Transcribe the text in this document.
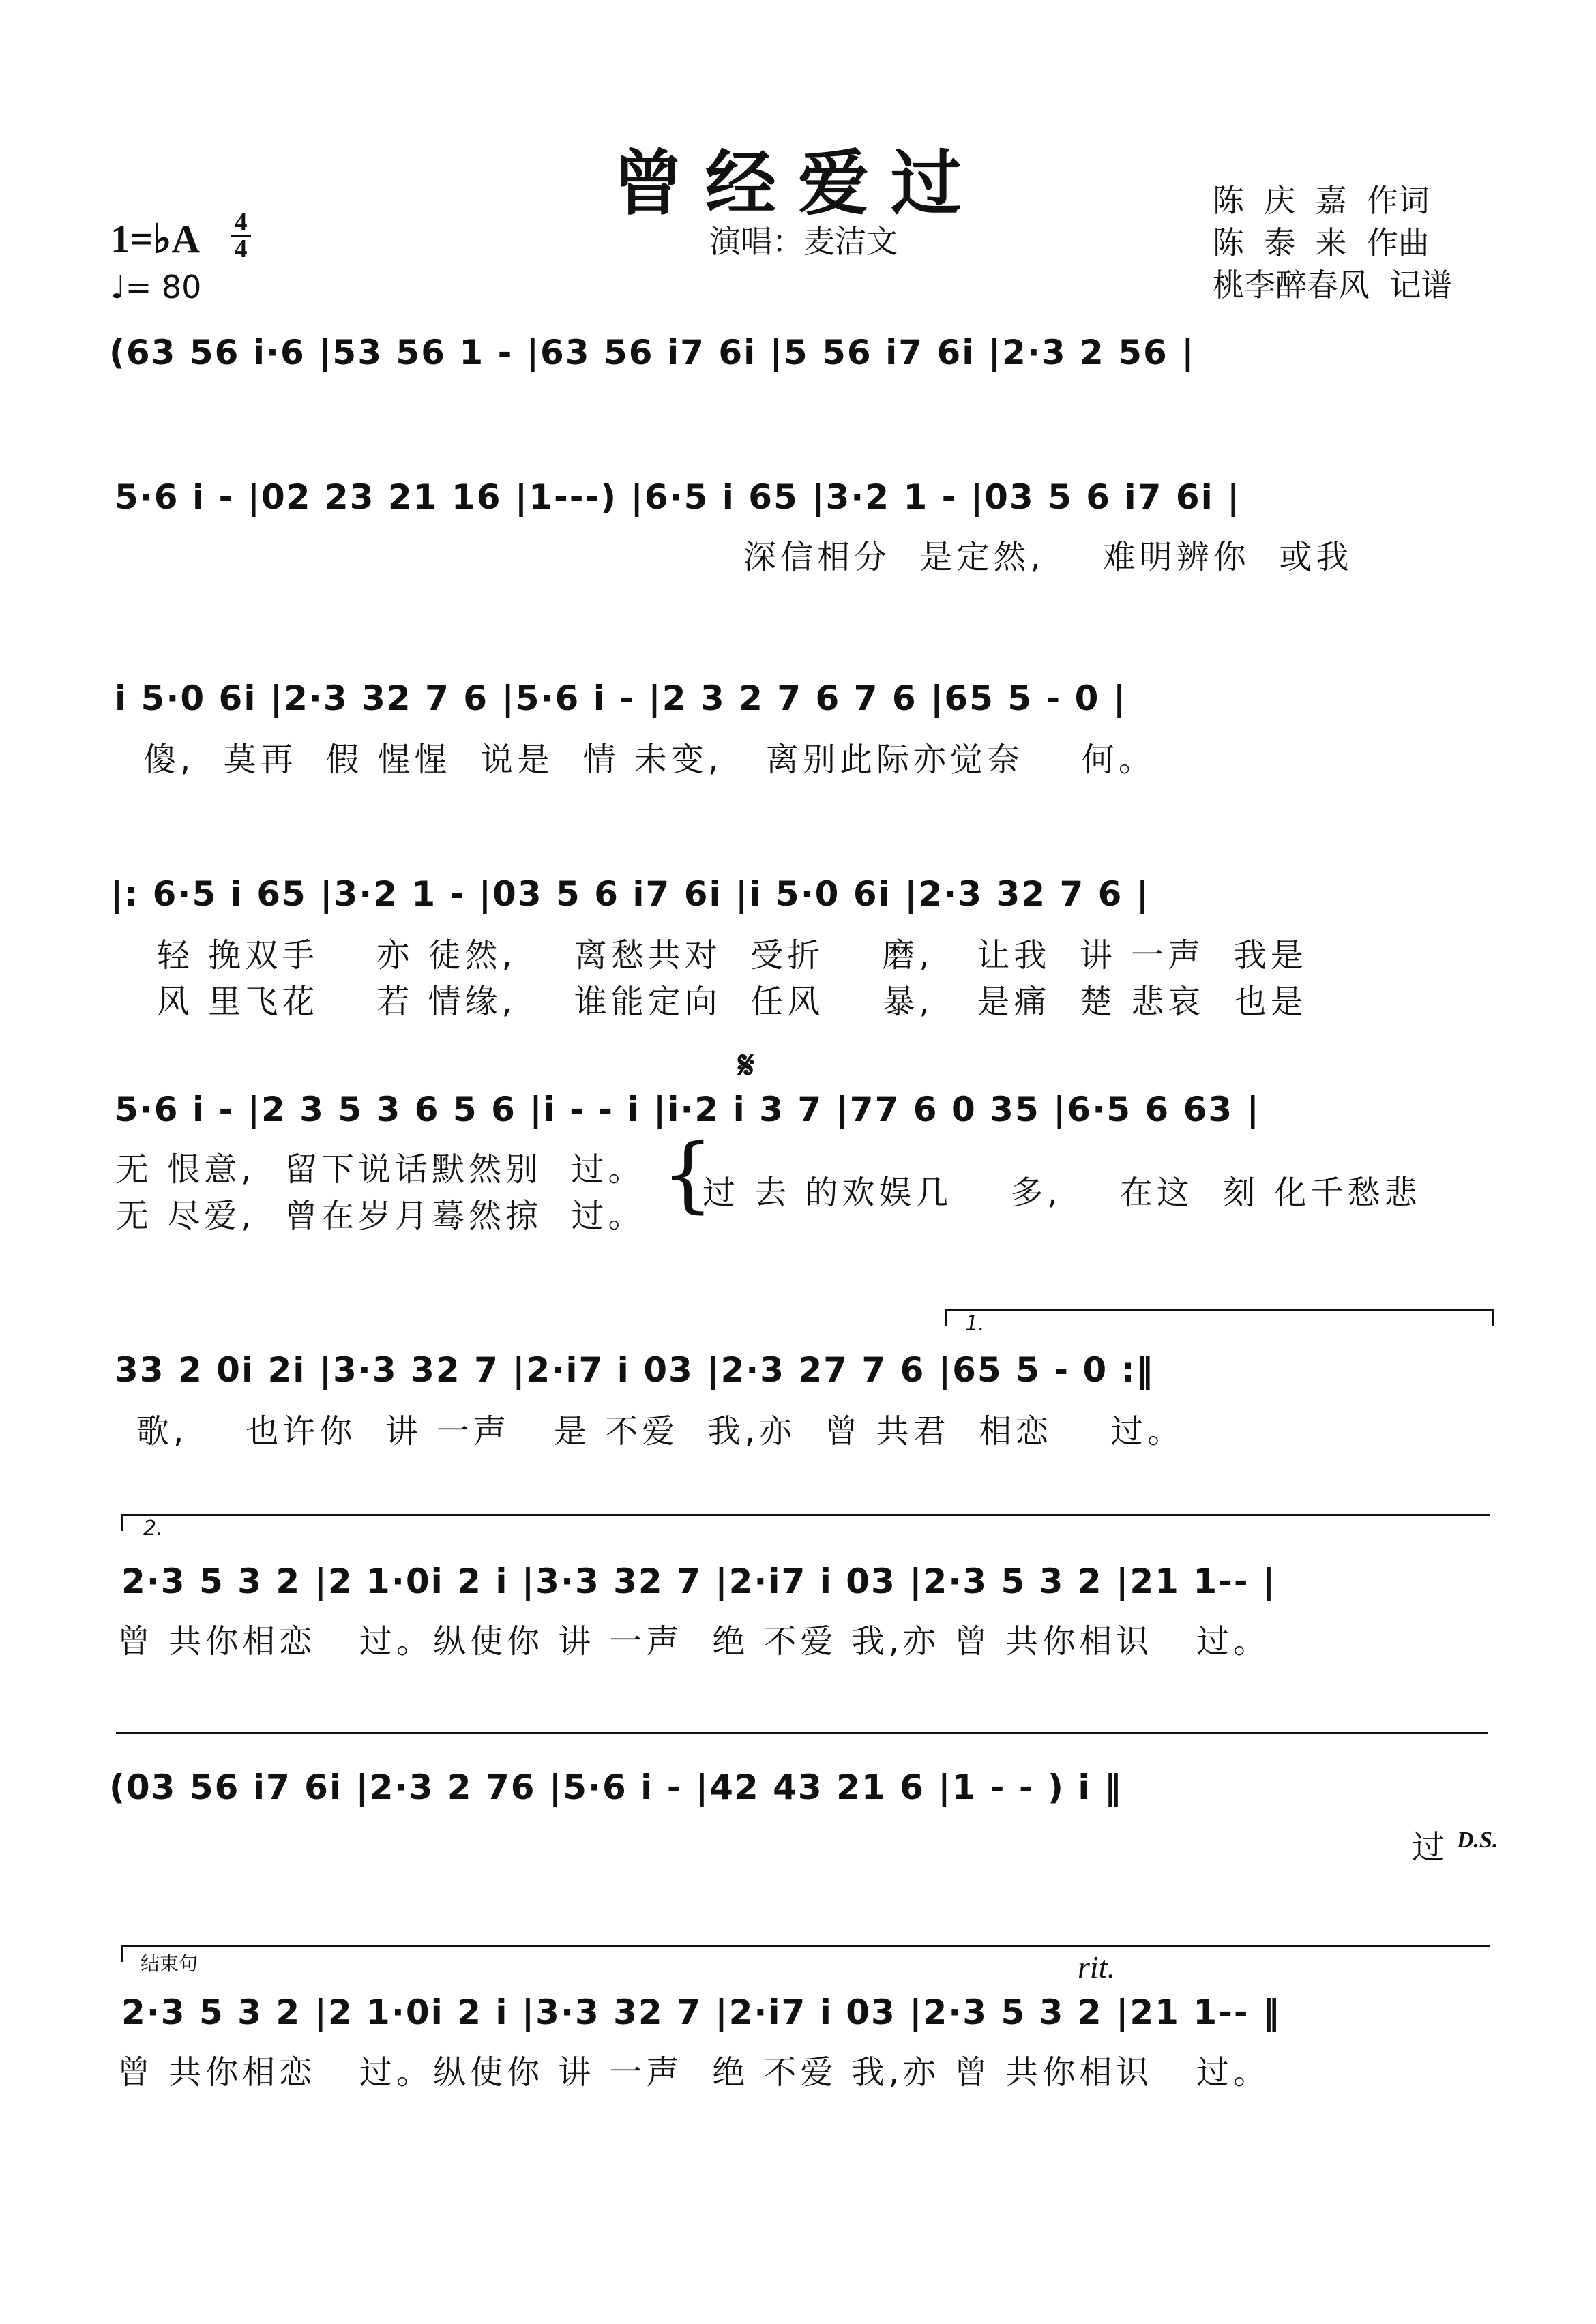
曾经爱过
演唱：麦洁文
陈  庆  嘉  作词
陈  泰  来  作曲
桃李醉春风  记谱
1=♭A 4
4
♩= 80
(63 56 i·6 |53 56 1 - |63 56 i7 6i |5 56 i7 6i |2·3 2 56 |
5·6 i - |02 23 21 16 |1---) |6·5 i 65 |3·2 1 - |03 5 6 i7 6i |
深信相分  是定然,    难明辨你  或我
i 5·0 6i |2·3 32 7 6 |5·6 i - |2 3 2 7 6 7 6 |65 5 - 0 |
傻,  莫再  假 惺惺  说是  情 未变,   离别此际亦觉奈    何。
|: 6·5 i 65 |3·2 1 - |03 5 6 i7 6i |i 5·0 6i |2·3 32 7 6 |
轻 挽双手    亦 徒然,    离愁共对  受折    磨,   让我  讲 一声  我是
风 里飞花    若 情缘,    谁能定向  任风    暴,   是痛  楚 悲哀  也是
𝄋
5·6 i - |2 3 5 3 6 5 6 |i - - i |i·2 i 3 7 |77 6 0 35 |6·5 6 63 |
无 恨意,  留下说话默然别  过。
无 尽爱,  曾在岁月蓦然掠  过。 {
过 去 的欢娱几    多,    在这  刻 化千愁悲
1.
33 2 0i 2i |3·3 32 7 |2·i7 i 03 |2·3 27 7 6 |65 5 - 0 :‖
歌,    也许你  讲 一声   是 不爱  我,亦  曾 共君  相恋    过。
2.
2·3 5 3 2 |2 1·0i 2 i |3·3 32 7 |2·i7 i 03 |2·3 5 3 2 |21 1-- |
曾 共你相恋   过。纵使你 讲 一声  绝 不爱 我,亦 曾 共你相识   过。
(03 56 i7 6i |2·3 2 76 |5·6 i - |42 43 21 6 |1 - - ) i ‖
过 D.S.
结束句	rit.
2·3 5 3 2 |2 1·0i 2 i |3·3 32 7 |2·i7 i 03 |2·3 5 3 2 |21 1-- ‖
曾 共你相恋   过。纵使你 讲 一声  绝 不爱 我,亦 曾 共你相识   过。
